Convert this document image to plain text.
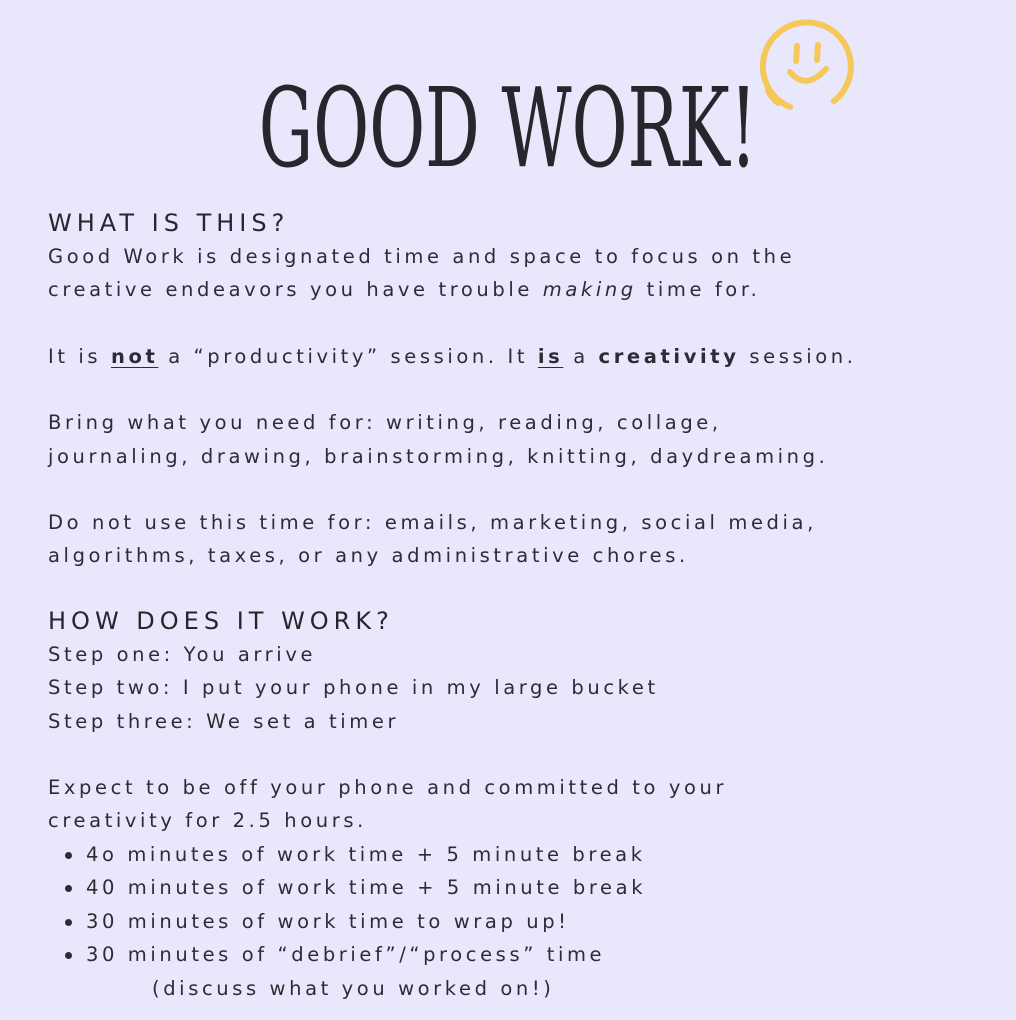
GOOD WORK!
WHAT IS THIS?

Good Work is designated time and space to focus on the

creative endeavors you have trouble making time for.

It is not a “productivity” session. It is a creativity session.

Bring what you need for: writing, reading, collage,

journaling, drawing, brainstorming, knitting, daydreaming.

Do not use this time for: emails, marketing, social media,

algorithms, taxes, or any administrative chores.

HOW DOES IT WORK?

Step one: You arrive

Step two: I put your phone in my large bucket

Step three: We set a timer

Expect to be off your phone and committed to your

creativity for 2.5 hours.

4o minutes of work time + 5 minute break
40 minutes of work time + 5 minute break
30 minutes of work time to wrap up!
30 minutes of “debrief”/“process” time

(discuss what you worked on!)
